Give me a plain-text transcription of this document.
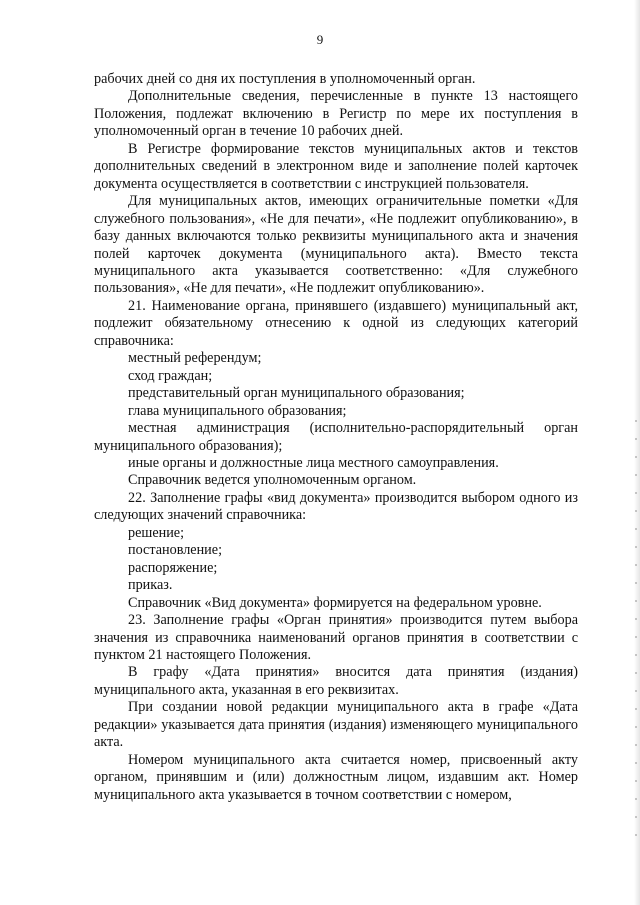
9

рабочих дней со дня их поступления в уполномоченный орган.

Дополнительные сведения, перечисленные в пункте 13 настоящего Положения, подлежат включению в Регистр по мере их поступления в уполномоченный орган в течение 10 рабочих дней.

В Регистре формирование текстов муниципальных актов и текстов дополнительных сведений в электронном виде и заполнение полей карточек документа осуществляется в соответствии с инструкцией пользователя.

Для муниципальных актов, имеющих ограничительные пометки «Для служебного пользования», «Не для печати», «Не подлежит опубликованию», в базу данных включаются только реквизиты муниципального акта и значения полей карточек документа (муниципального акта). Вместо текста муниципального акта указывается соответственно: «Для служебного пользования», «Не для печати», «Не подлежит опубликованию».

21. Наименование органа, принявшего (издавшего) муниципальный акт, подлежит обязательному отнесению к одной из следующих категорий справочника:

местный референдум;

сход граждан;

представительный орган муниципального образования;

глава муниципального образования;

местная администрация (исполнительно-распорядительный орган муниципального образования);

иные органы и должностные лица местного самоуправления.

Справочник ведется уполномоченным органом.

22. Заполнение графы «вид документа» производится выбором одного из следующих значений справочника:

решение;

постановление;

распоряжение;

приказ.

Справочник «Вид документа» формируется на федеральном уровне.

23. Заполнение графы «Орган принятия» производится путем выбора значения из справочника наименований органов принятия в соответствии с пунктом 21 настоящего Положения.

В графу «Дата принятия» вносится дата принятия (издания) муниципального акта, указанная в его реквизитах.

При создании новой редакции муниципального акта в графе «Дата редакции» указывается дата принятия (издания) изменяющего муниципального акта.

Номером муниципального акта считается номер, присвоенный акту органом, принявшим и (или) должностным лицом, издавшим акт. Номер муниципального акта указывается в точном соответствии с номером,
